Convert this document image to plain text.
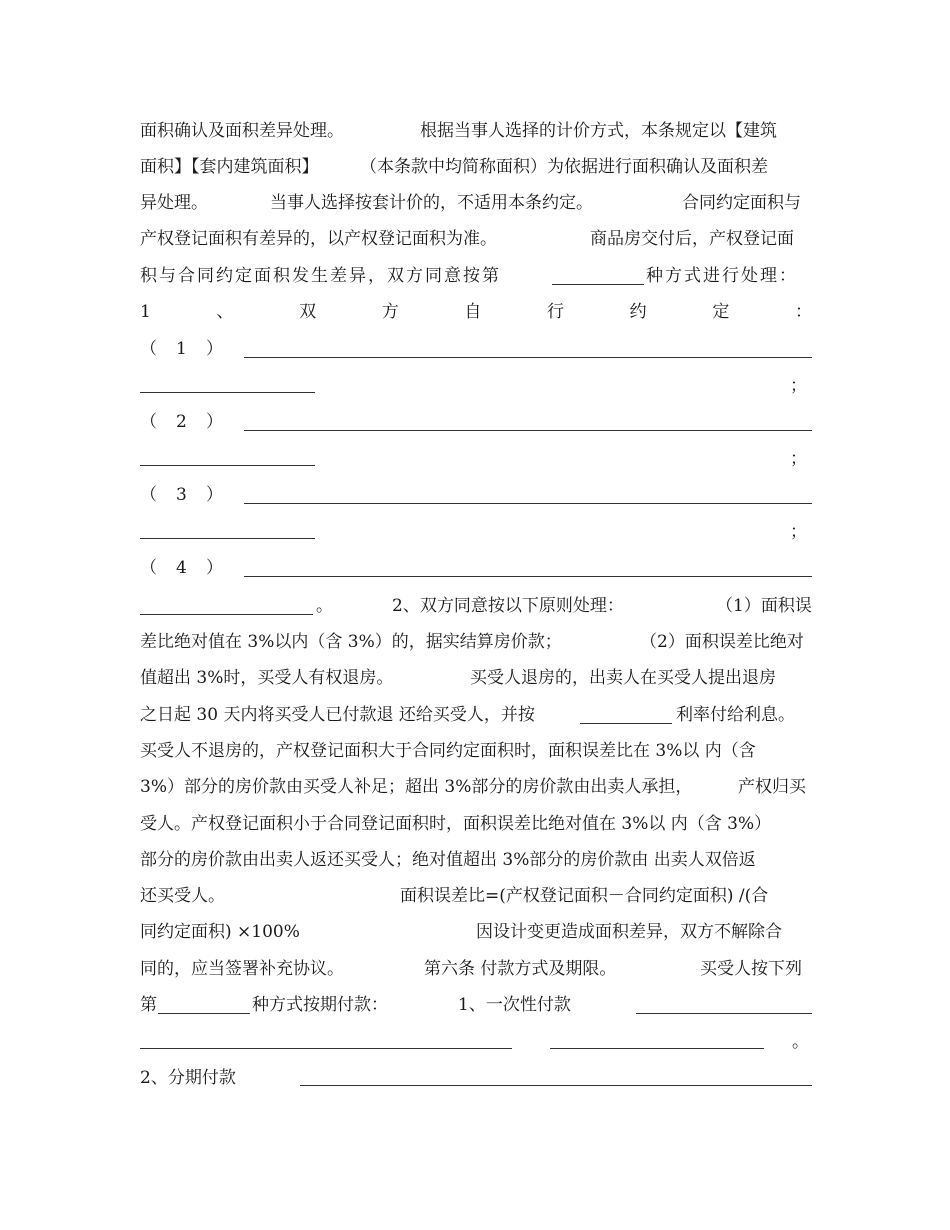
面积确认及面积差异处理。	根据当事人选择的计价方式，本条规定以【建筑
面积】【套内建筑面积】 （本条款中均简称面积）为依据进行面积确认及面积差
异处理。	当事人选择按套计价的，不适用本条约定。	合同约定面积与
产权登记面积有差异的，以产权登记面积为准。	商品房交付后，产权登记面
积与合同约定面积发生差异，双方同意按第	种方式进行处理：
1	、	双	方	自	行	约	定	：
（ 1 ）
；
（ 2 ）
；
（ 3 ）
；
（ 4 ）
。	2、双方同意按以下原则处理：	（1）面积误
差比绝对值在 3%以内（含 3%）的，据实结算房价款；	（2）面积误差比绝对
值超出 3%时，买受人有权退房。	买受人退房的，出卖人在买受人提出退房
之日起 30 天内将买受人已付款退 还给买受人，并按	利率付给利息。
买受人不退房的，产权登记面积大于合同约定面积时，面积误差比在 3%以 内（含
3%）部分的房价款由买受人补足；超出 3%部分的房价款由出卖人承担，	产权归买
受人。产权登记面积小于合同登记面积时，面积误差比绝对值在 3%以 内（含 3%）
部分的房价款由出卖人返还买受人；绝对值超出 3%部分的房价款由 出卖人双倍返
还买受人。	面积误差比=(产权登记面积－合同约定面积) /(合
同约定面积) ×100%	因设计变更造成面积差异，双方不解除合
同的，应当签署补充协议。	第六条 付款方式及期限。	买受人按下列
第	种方式按期付款：	1、一次性付款
。
2、分期付款
